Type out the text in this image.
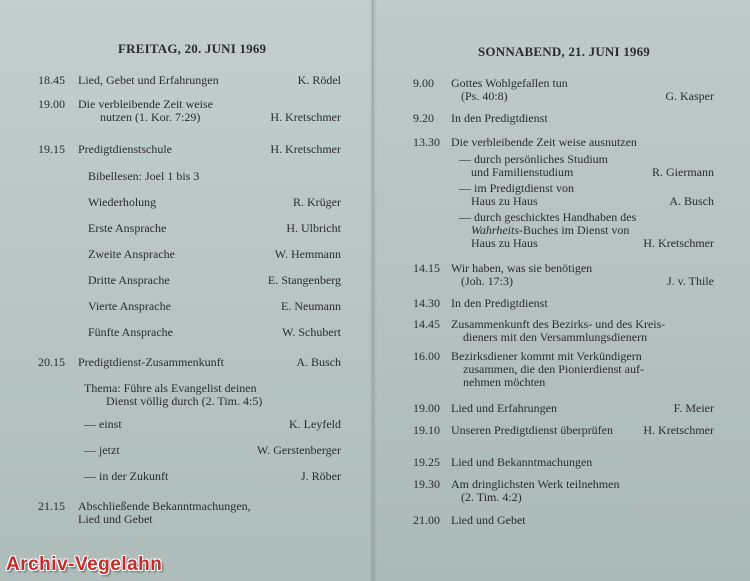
FREITAG, 20. JUNI 1969	SONNABEND, 21. JUNI 1969
18.45 Lied, Gebet und Erfahrungen	K. Rödel
19.00 Die verbleibende Zeit weise
nutzen (1. Kor. 7:29)	H. Kretschmer
19.15 Predigtdienstschule	H. Kretschmer
Bibellesen: Joel 1 bis 3
Wiederholung	R. Krüger
Erste Ansprache	H. Ulbricht
Zweite Ansprache	W. Hemmann
Dritte Ansprache	E. Stangenberg
Vierte Ansprache	E. Neumann
Fünfte Ansprache	W. Schubert
20.15 Predigtdienst-Zusammenkunft	A. Busch
Thema: Führe als Evangelist deinen
Dienst völlig durch (2. Tim. 4:5)
— einst	K. Leyfeld
— jetzt	W. Gerstenberger
— in der Zukunft	J. Röber
21.15 Abschließende Bekanntmachungen,
Lied und Gebet
9.00 Gottes Wohlgefallen tun
(Ps. 40:8)	G. Kasper
9.20 In den Predigtdienst
13.30 Die verbleibende Zeit weise ausnutzen
— durch persönliches Studium
und Familienstudium	R. Giermann
— im Predigtdienst von
Haus zu Haus	A. Busch
— durch geschicktes Handhaben des
Wahrheits-Buches im Dienst von
Haus zu Haus	H. Kretschmer
14.15 Wir haben, was sie benötigen
(Joh. 17:3)	J. v. Thile
14.30 In den Predigtdienst
14.45 Zusammenkunft des Bezirks- und des Kreis-
dieners mit den Versammlungsdienern
16.00 Bezirksdiener kommt mit Verkündigern
zusammen, die den Pionierdienst auf-
nehmen möchten
19.00 Lied und Erfahrungen	F. Meier
19.10 Unseren Predigtdienst überprüfen	H. Kretschmer
19.25 Lied und Bekanntmachungen
19.30 Am dringlichsten Werk teilnehmen
(2. Tim. 4:2)
21.00 Lied und Gebet
Archiv-Vegelahn
